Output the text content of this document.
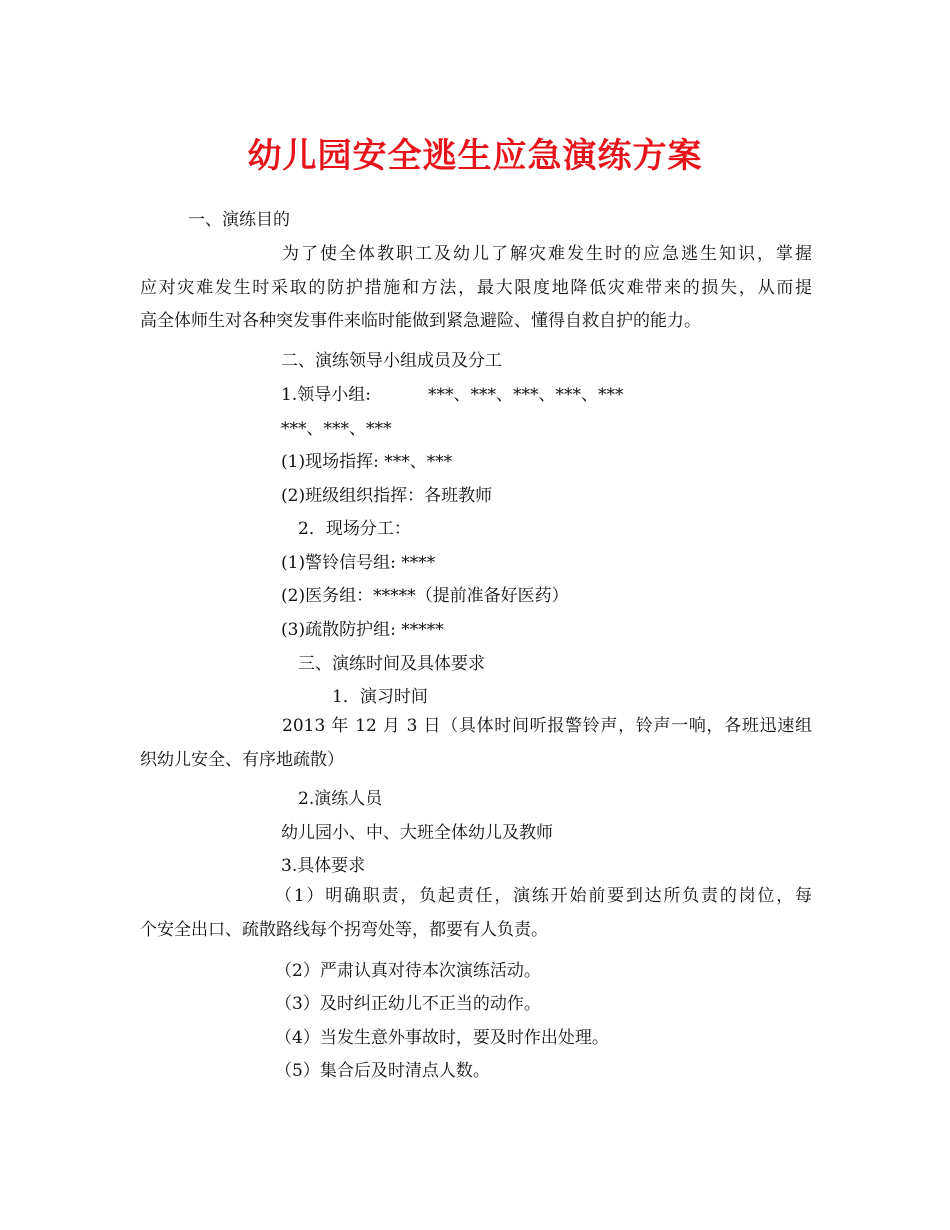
幼儿园安全逃生应急演练方案
一、演练目的
为了使全体教职工及幼儿了解灾难发生时的应急逃生知识，掌握
应对灾难发生时采取的防护措施和方法，最大限度地降低灾难带来的损失，从而提
高全体师生对各种突发事件来临时能做到紧急避险、懂得自救自护的能力。
二、演练领导小组成员及分工
1.领导小组:	***、***、***、***、***
***、***、***
(1)现场指挥: ***、***
(2)班级组织指挥：各班教师
2．现场分工：
(1)警铃信号组: ****
(2)医务组：*****（提前准备好医药）
(3)疏散防护组: *****
三、演练时间及具体要求
1．演习时间
2013 年 12 月 3 日（具体时间听报警铃声，铃声一响，各班迅速组
织幼儿安全、有序地疏散）
2.演练人员
幼儿园小、中、大班全体幼儿及教师
3.具体要求
（1）明确职责，负起责任，演练开始前要到达所负责的岗位，每
个安全出口、疏散路线每个拐弯处等，都要有人负责。
（2）严肃认真对待本次演练活动。
（3）及时纠正幼儿不正当的动作。
（4）当发生意外事故时，要及时作出处理。
（5）集合后及时清点人数。
